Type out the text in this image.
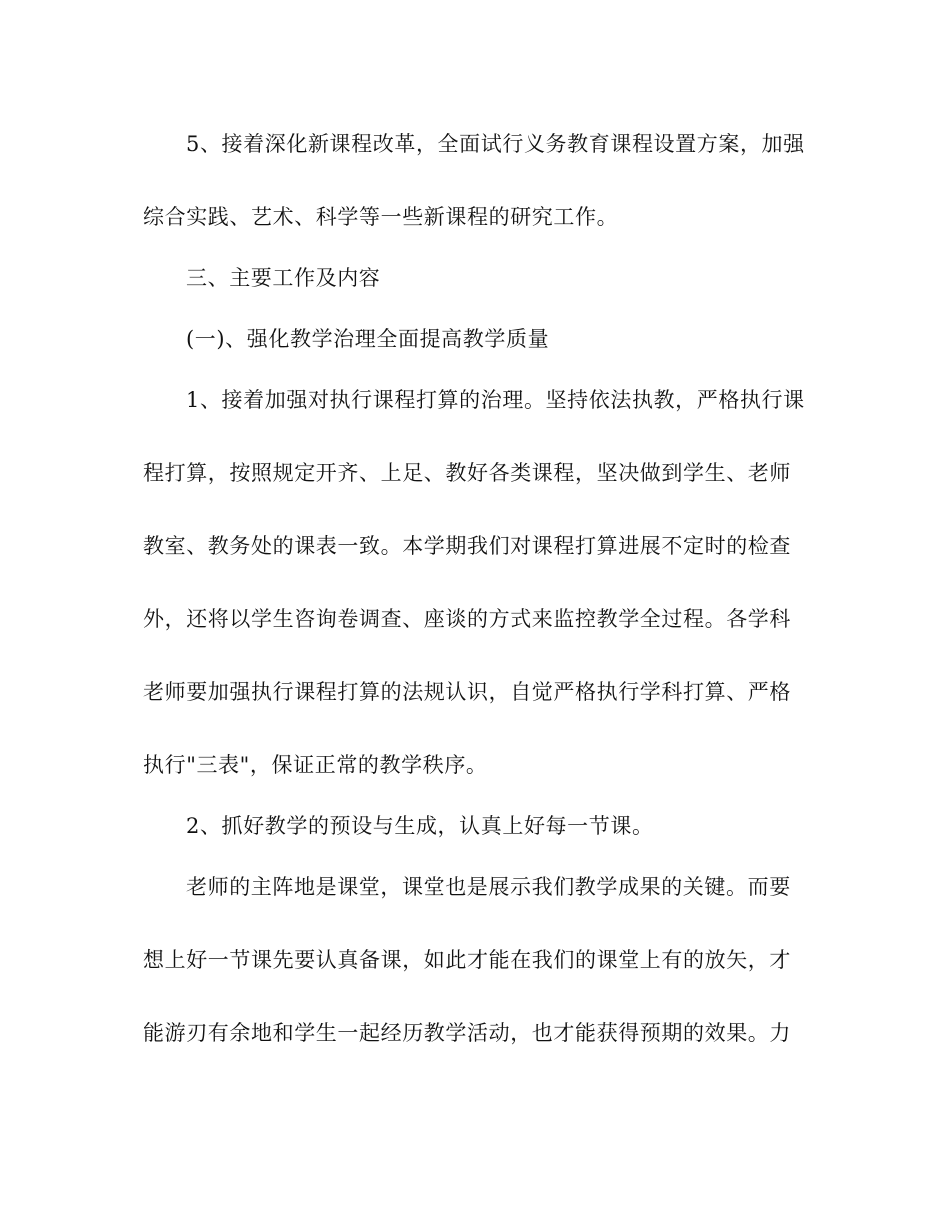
5、接着深化新课程改革，全面试行义务教育课程设置方案，加强
综合实践、艺术、科学等一些新课程的研究工作。
三、主要工作及内容
(一)、强化教学治理全面提高教学质量
1、接着加强对执行课程打算的治理。坚持依法执教，严格执行课
程打算，按照规定开齐、上足、教好各类课程，坚决做到学生、老师
教室、教务处的课表一致。本学期我们对课程打算进展不定时的检查
外，还将以学生咨询卷调查、座谈的方式来监控教学全过程。各学科
老师要加强执行课程打算的法规认识，自觉严格执行学科打算、严格
执行"三表"，保证正常的教学秩序。
2、抓好教学的预设与生成，认真上好每一节课。
老师的主阵地是课堂，课堂也是展示我们教学成果的关键。而要
想上好一节课先要认真备课，如此才能在我们的课堂上有的放矢，才
能游刃有余地和学生一起经历教学活动，也才能获得预期的效果。力
